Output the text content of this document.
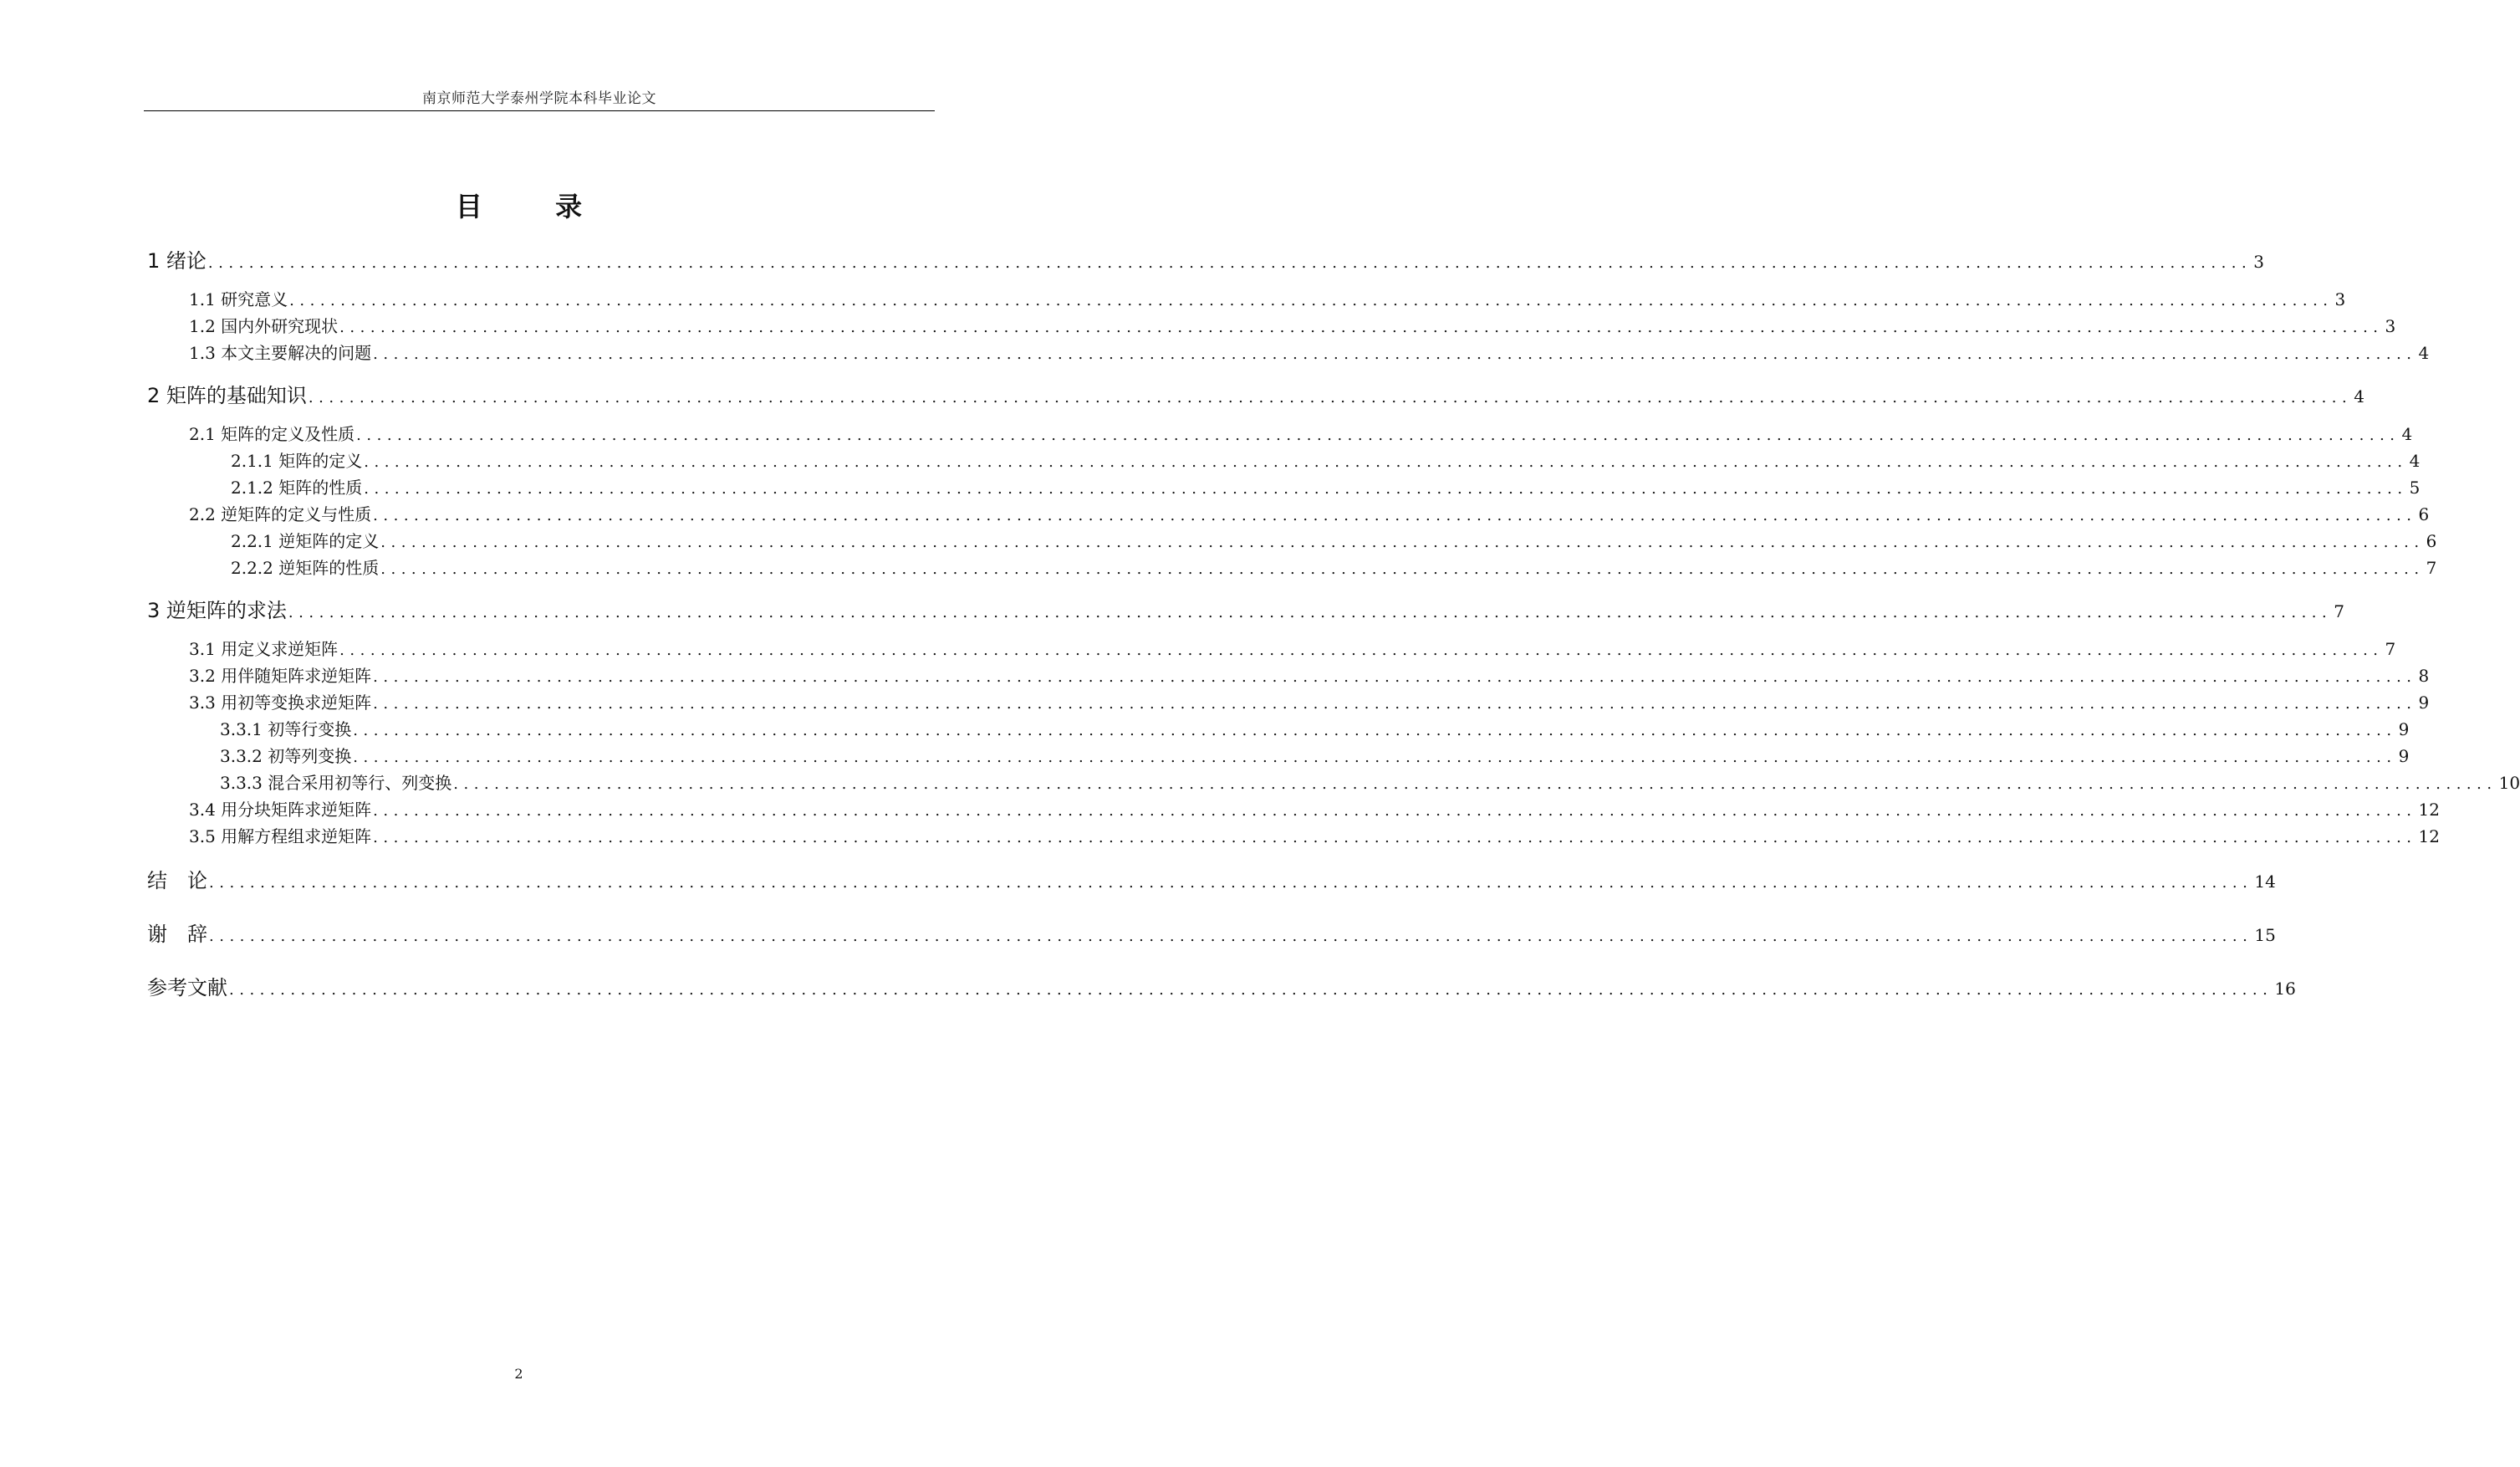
南京师范大学泰州学院本科毕业论文
目 录
1 绪论 ........................................................................................................................................................................................................ 3
1.1 研究意义 ........................................................................................................................................................................................................ 3
1.2 国内外研究现状 ........................................................................................................................................................................................................ 3
1.3 本文主要解决的问题 ........................................................................................................................................................................................................ 4
2 矩阵的基础知识 ........................................................................................................................................................................................................ 4
2.1 矩阵的定义及性质 ........................................................................................................................................................................................................ 4
2.1.1 矩阵的定义 ........................................................................................................................................................................................................ 4
2.1.2 矩阵的性质 ........................................................................................................................................................................................................ 5
2.2 逆矩阵的定义与性质 ........................................................................................................................................................................................................ 6
2.2.1 逆矩阵的定义 ........................................................................................................................................................................................................ 6
2.2.2 逆矩阵的性质 ........................................................................................................................................................................................................ 7
3 逆矩阵的求法 ........................................................................................................................................................................................................ 7
3.1 用定义求逆矩阵 ........................................................................................................................................................................................................ 7
3.2 用伴随矩阵求逆矩阵 ........................................................................................................................................................................................................ 8
3.3 用初等变换求逆矩阵 ........................................................................................................................................................................................................ 9
3.3.1 初等行变换 ........................................................................................................................................................................................................ 9
3.3.2 初等列变换 ........................................................................................................................................................................................................ 9
3.3.3 混合采用初等行、列变换 ........................................................................................................................................................................................................ 10
3.4 用分块矩阵求逆矩阵 ........................................................................................................................................................................................................ 12
3.5 用解方程组求逆矩阵 ........................................................................................................................................................................................................ 12
结　论 ........................................................................................................................................................................................................ 14
谢　辞 ........................................................................................................................................................................................................ 15
参考文献 ........................................................................................................................................................................................................ 16
2
